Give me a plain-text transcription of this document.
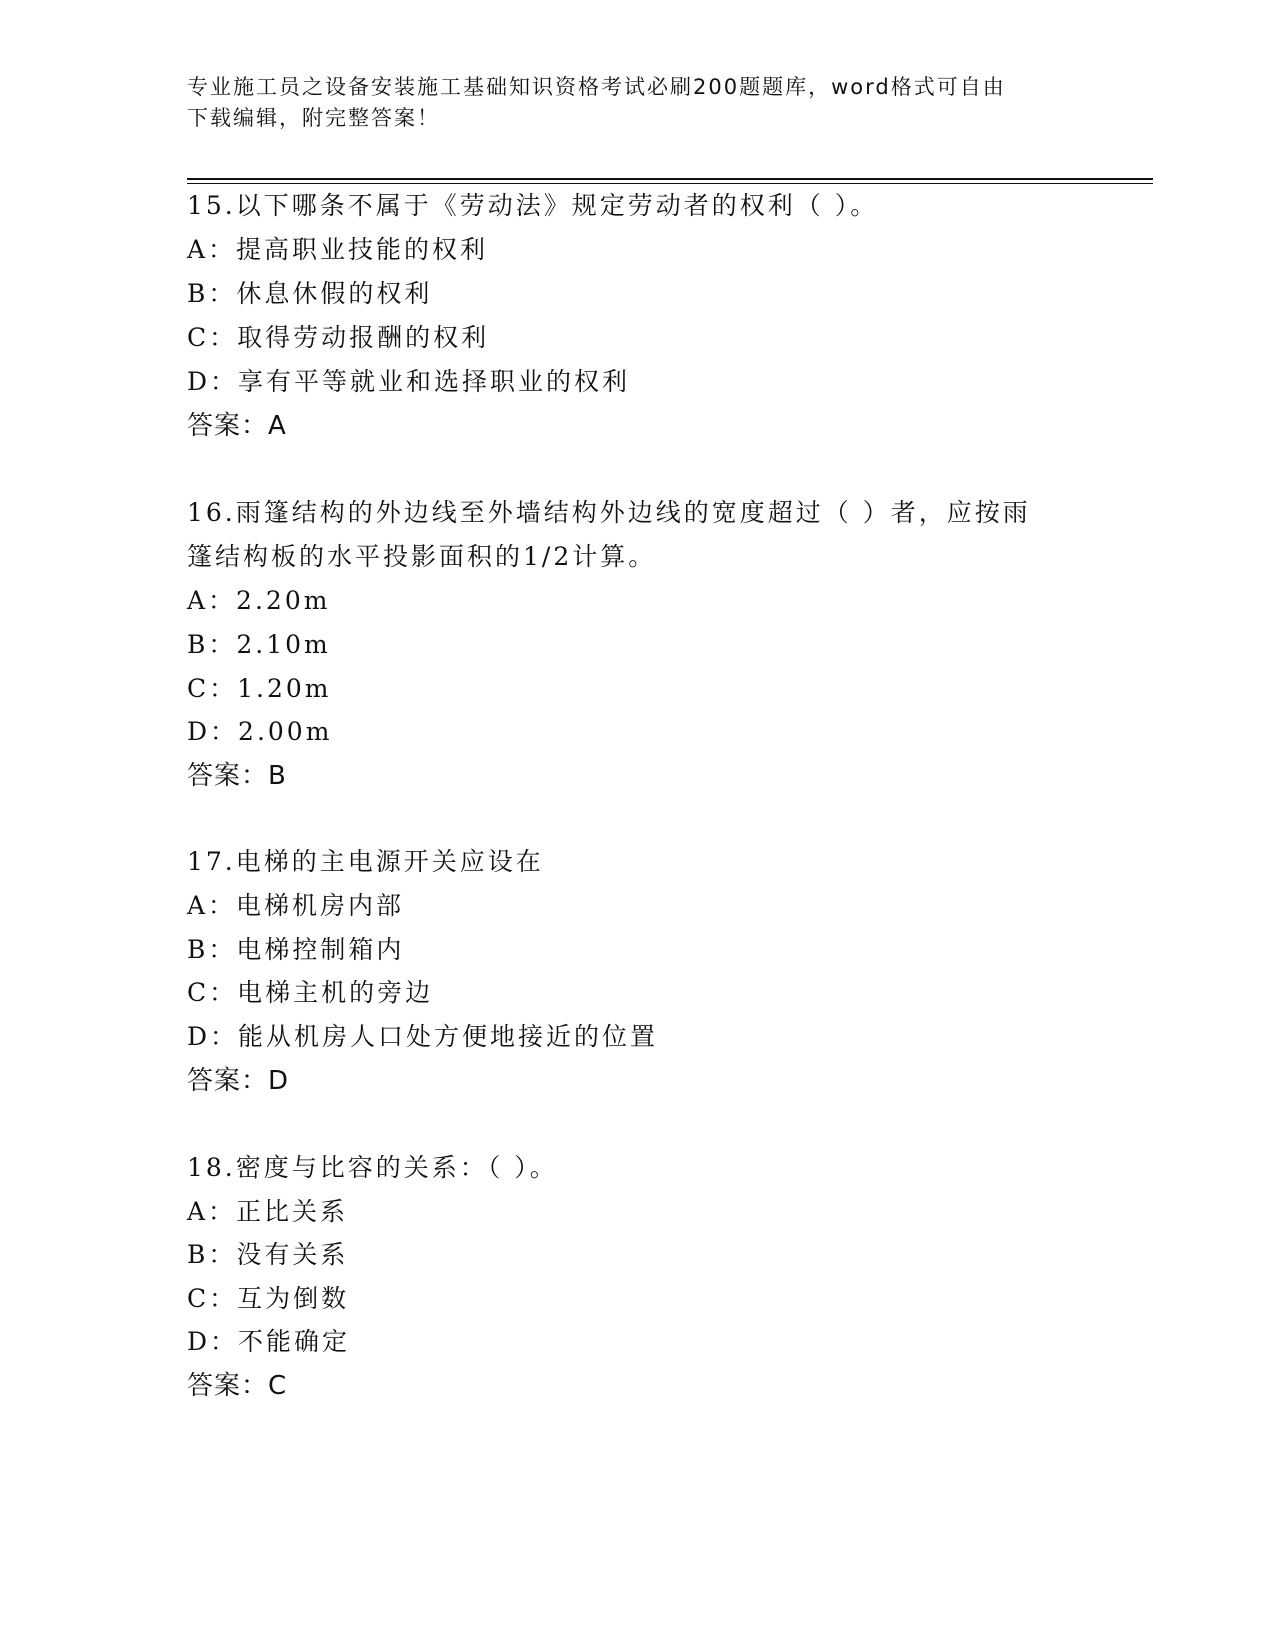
专业施工员之设备安装施工基础知识资格考试必刷200题题库，word格式可自由
下载编辑，附完整答案！
15.以下哪条不属于《劳动法》规定劳动者的权利（ ）。
A：提高职业技能的权利
B：休息休假的权利
C：取得劳动报酬的权利
D：享有平等就业和选择职业的权利
答案：A
16.雨篷结构的外边线至外墙结构外边线的宽度超过（ ）者，应按雨
篷结构板的水平投影面积的1/2计算。
A：2.20m
B：2.10m
C：1.20m
D：2.00m
答案：B
17.电梯的主电源开关应设在
A：电梯机房内部
B：电梯控制箱内
C：电梯主机的旁边
D：能从机房人口处方便地接近的位置
答案：D
18.密度与比容的关系：（ ）。
A：正比关系
B：没有关系
C：互为倒数
D：不能确定
答案：C
